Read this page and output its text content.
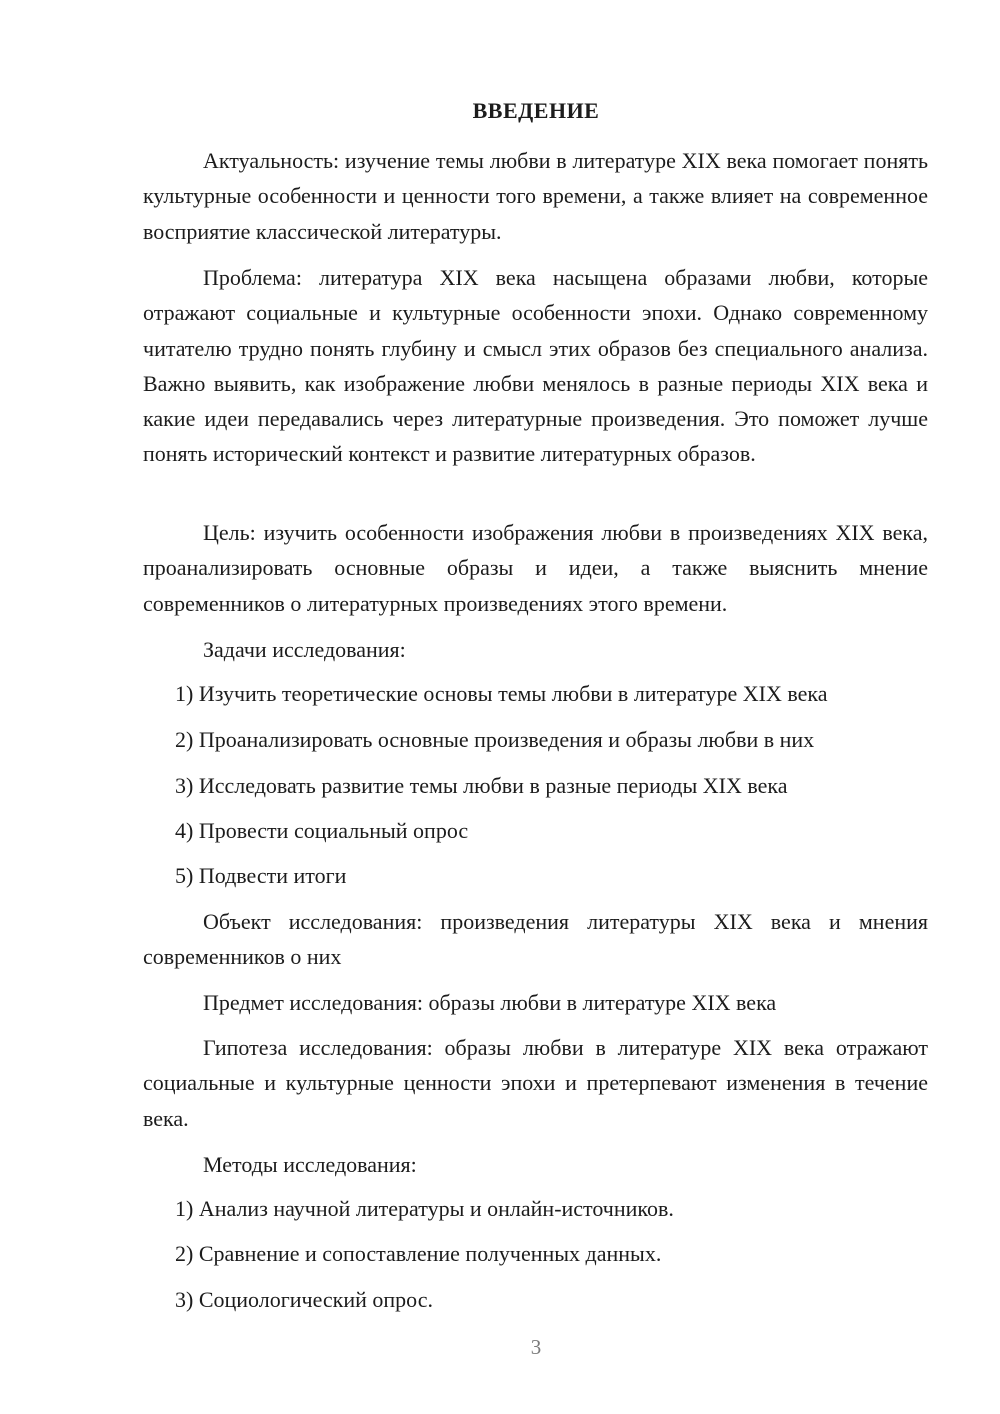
ВВЕДЕНИЕ

Актуальность: изучение темы любви в литературе XIX века помогает понять культурные особенности и ценности того времени, а также влияет на современное восприятие классической литературы.

Проблема: литература XIX века насыщена образами любви, которые отражают социальные и культурные особенности эпохи. Однако современному читателю трудно понять глубину и смысл этих образов без специального анализа. Важно выявить, как изображение любви менялось в разные периоды XIX века и какие идеи передавались через литературные произведения. Это поможет лучше понять исторический контекст и развитие литературных образов.

Цель: изучить особенности изображения любви в произведениях XIX века, проанализировать основные образы и идеи, а также выяснить мнение современников о литературных произведениях этого времени.

Задачи исследования:

1) Изучить теоретические основы темы любви в литературе XIX века

2) Проанализировать основные произведения и образы любви в них

3) Исследовать развитие темы любви в разные периоды XIX века

4) Провести социальный опрос

5) Подвести итоги

Объект исследования: произведения литературы XIX века и мнения современников о них

Предмет исследования: образы любви в литературе XIX века

Гипотеза исследования: образы любви в литературе XIX века отражают социальные и культурные ценности эпохи и претерпевают изменения в течение века.

Методы исследования:

1) Анализ научной литературы и онлайн-источников.

2) Сравнение и сопоставление полученных данных.

3) Социологический опрос.

3
